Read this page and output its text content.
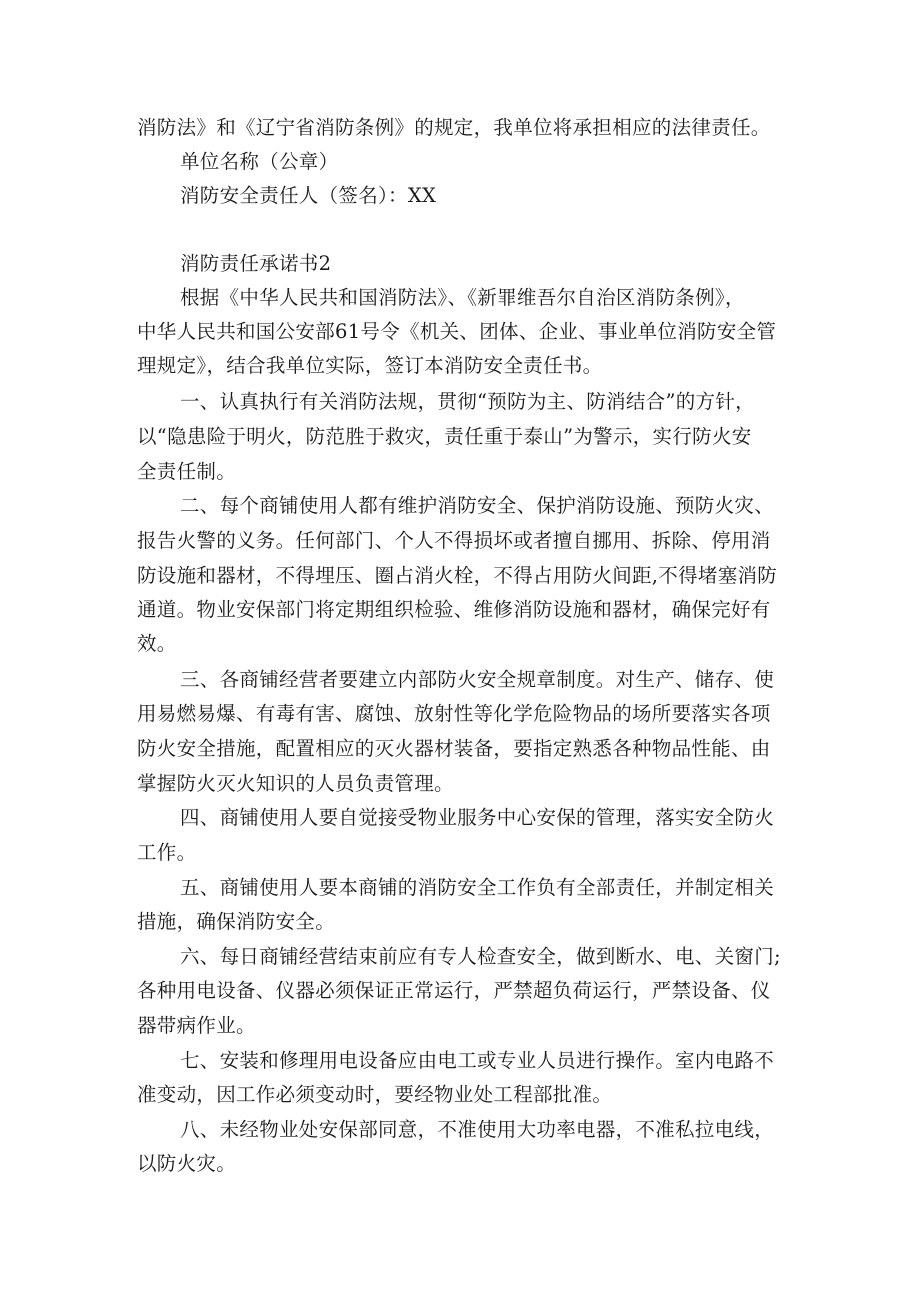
消防法》和《辽宁省消防条例》的规定，我单位将承担相应的法律责任。
单位名称（公章）
消防安全责任人（签名）：XX
消防责任承诺书2
根据《中华人民共和国消防法》、《新罪维吾尔自治区消防条例》，
中华人民共和国公安部61号令《机关、团体、企业、事业单位消防安全管
理规定》，结合我单位实际，签订本消防安全责任书。
一、认真执行有关消防法规，贯彻“预防为主、防消结合”的方针，
以“隐患险于明火，防范胜于救灾，责任重于泰山”为警示，实行防火安
全责任制。
二、每个商铺使用人都有维护消防安全、保护消防设施、预防火灾、
报告火警的义务。任何部门、个人不得损坏或者擅自挪用、拆除、停用消
防设施和器材，不得埋压、圈占消火栓，不得占用防火间距,不得堵塞消防
通道。物业安保部门将定期组织检验、维修消防设施和器材，确保完好有
效。
三、各商铺经营者要建立内部防火安全规章制度。对生产、储存、使
用易燃易爆、有毒有害、腐蚀、放射性等化学危险物品的场所要落实各项
防火安全措施，配置相应的灭火器材装备，要指定熟悉各种物品性能、由
掌握防火灭火知识的人员负责管理。
四、商铺使用人要自觉接受物业服务中心安保的管理，落实安全防火
工作。
五、商铺使用人要本商铺的消防安全工作负有全部责任，并制定相关
措施，确保消防安全。
六、每日商铺经营结束前应有专人检查安全，做到断水、电、关窗门;
各种用电设备、仪器必须保证正常运行，严禁超负荷运行，严禁设备、仪
器带病作业。
七、安装和修理用电设备应由电工或专业人员进行操作。室内电路不
准变动，因工作必须变动时，要经物业处工程部批准。
八、未经物业处安保部同意，不准使用大功率电器，不准私拉电线，
以防火灾。
